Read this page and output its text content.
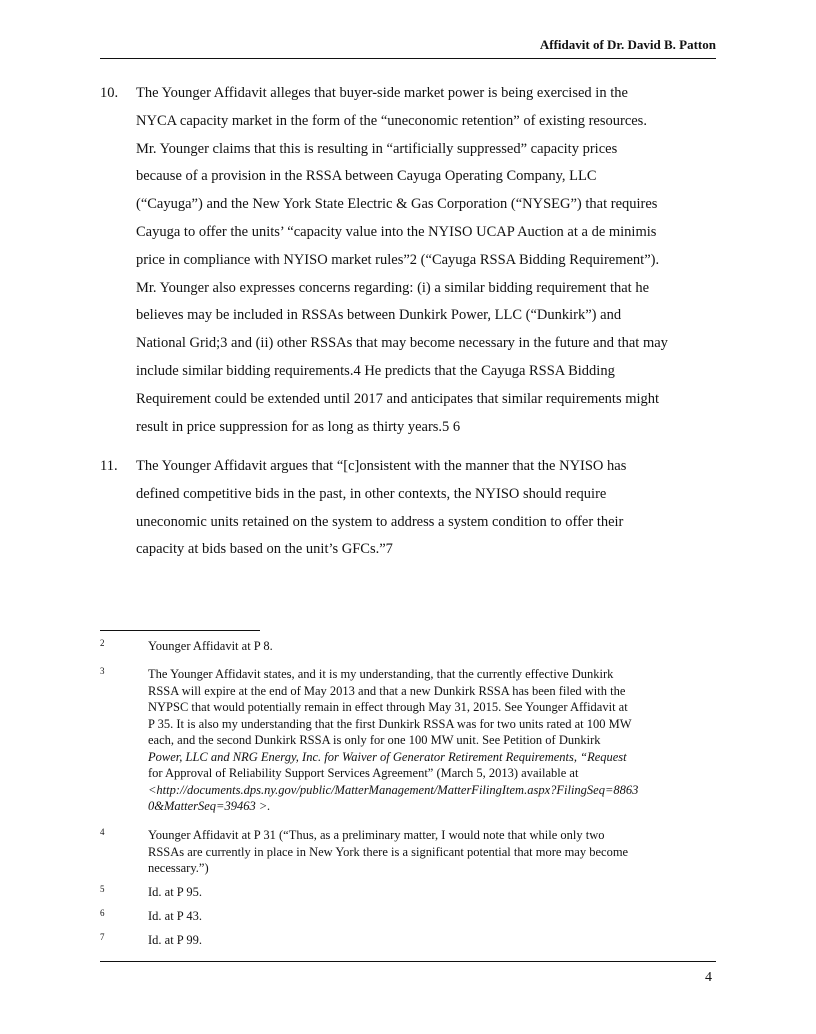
Affidavit of Dr. David B. Patton
10. The Younger Affidavit alleges that buyer-side market power is being exercised in the
NYCA capacity market in the form of the “uneconomic retention” of existing resources.
Mr. Younger claims that this is resulting in “artificially suppressed” capacity prices
because of a provision in the RSSA between Cayuga Operating Company, LLC
(“Cayuga”) and the New York State Electric & Gas Corporation (“NYSEG”) that requires
Cayuga to offer the units’ “capacity value into the NYISO UCAP Auction at a de minimis
price in compliance with NYISO market rules”2 (“Cayuga RSSA Bidding Requirement”).
Mr. Younger also expresses concerns regarding: (i) a similar bidding requirement that he
believes may be included in RSSAs between Dunkirk Power, LLC (“Dunkirk”) and
National Grid;3 and (ii) other RSSAs that may become necessary in the future and that may
include similar bidding requirements.4 He predicts that the Cayuga RSSA Bidding
Requirement could be extended until 2017 and anticipates that similar requirements might
result in price suppression for as long as thirty years.5 6
11. The Younger Affidavit argues that “[c]onsistent with the manner that the NYISO has
defined competitive bids in the past, in other contexts, the NYISO should require
uneconomic units retained on the system to address a system condition to offer their
capacity at bids based on the unit’s GFCs.”7
2	Younger Affidavit at P 8.
3	The Younger Affidavit states, and it is my understanding, that the currently effective Dunkirk
RSSA will expire at the end of May 2013 and that a new Dunkirk RSSA has been filed with the
NYPSC that would potentially remain in effect through May 31, 2015. See Younger Affidavit at
P 35. It is also my understanding that the first Dunkirk RSSA was for two units rated at 100 MW
each, and the second Dunkirk RSSA is only for one 100 MW unit. See Petition of Dunkirk
Power, LLC and NRG Energy, Inc. for Waiver of Generator Retirement Requirements, “Request
for Approval of Reliability Support Services Agreement” (March 5, 2013) available at
<http://documents.dps.ny.gov/public/MatterManagement/MatterFilingItem.aspx?FilingSeq=8863
0&MatterSeq=39463 >.
4	Younger Affidavit at P 31 (“Thus, as a preliminary matter, I would note that while only two
RSSAs are currently in place in New York there is a significant potential that more may become
necessary.”)
5	Id. at P 95.
6	Id. at P 43.
7	Id. at P 99.
4
